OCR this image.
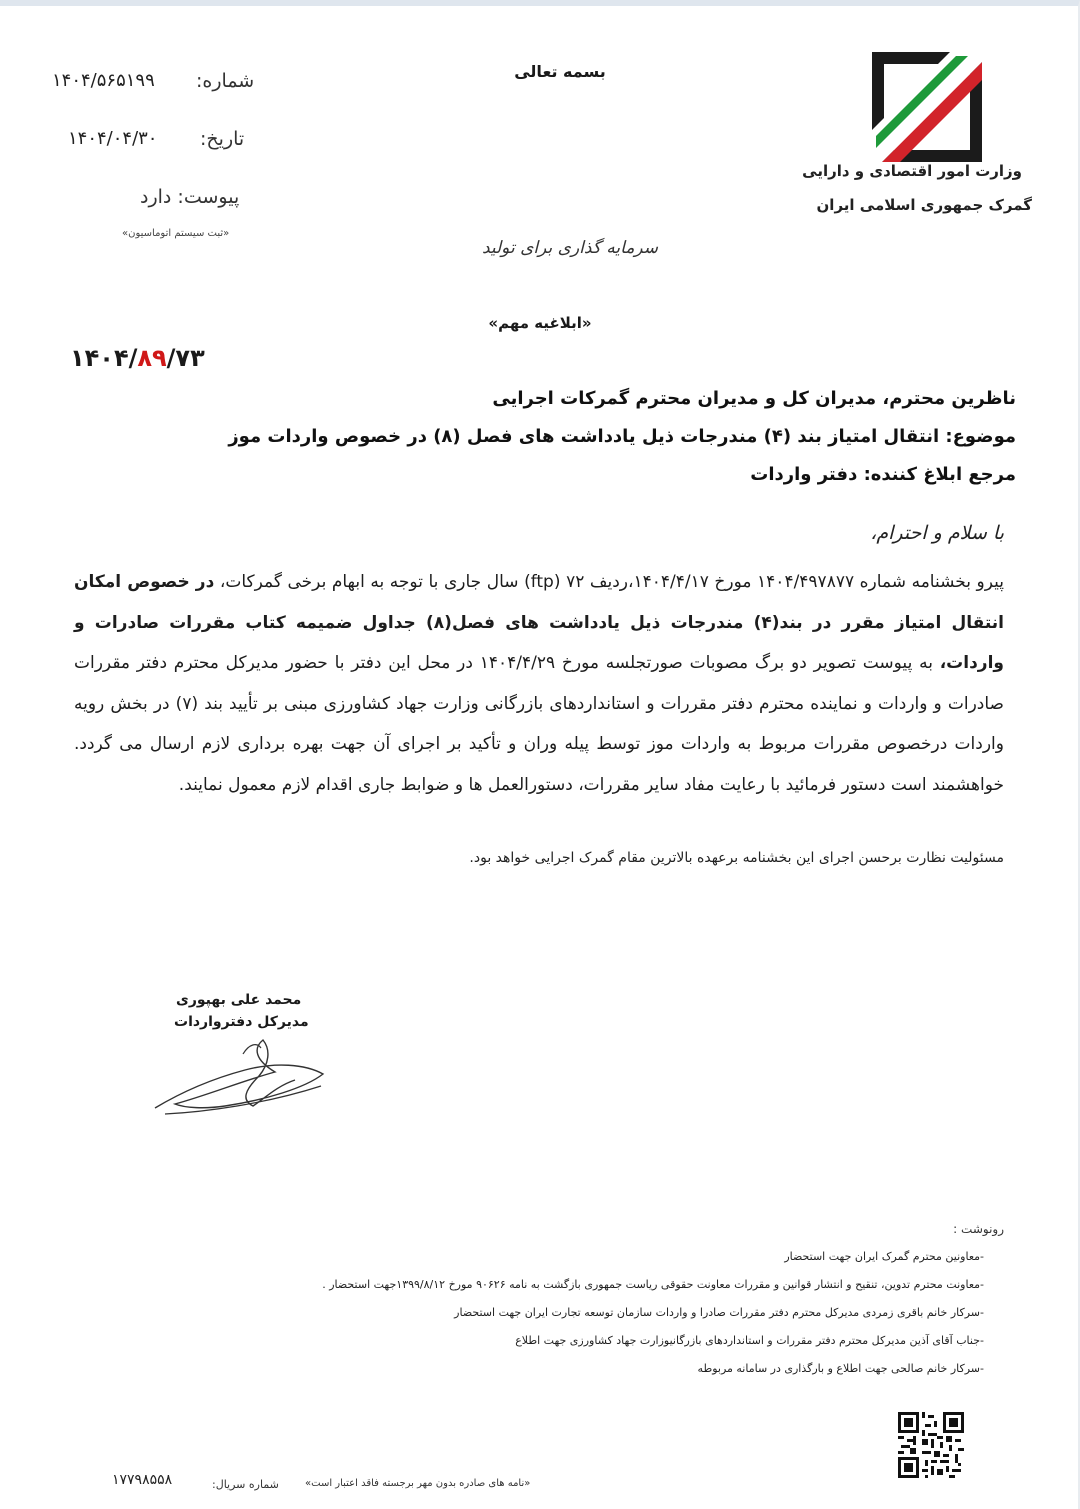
وزارت امور اقتصادی و دارایی
گمرک جمهوری اسلامی ایران
بسمه تعالی
سرمایه گذاری برای تولید
شماره:
۱۴۰۴/۵۶۵۱۹۹
تاریخ:
۱۴۰۴/۰۴/۳۰
پیوست: دارد
«ثبت سیستم اتوماسیون»
«ابلاغیه مهم»
۱۴۰۴/۸۹/۷۳
ناظرین محترم، مدیران کل و مدیران محترم گمرکات اجرایی
موضوع: انتقال امتیاز بند (۴) مندرجات ذیل یادداشت های فصل (۸) در خصوص واردات موز
مرجع ابلاغ کننده: دفتر واردات
با سلام و احترام،
پیرو بخشنامه شماره ۱۴۰۴/۴۹۷۸۷۷ مورخ ۱۴۰۴/۴/۱۷،ردیف ۷۲ (ftp) سال جاری با توجه به ابهام برخی گمرکات، در خصوص امکان انتقال امتیاز مقرر در بند(۴) مندرجات ذیل یادداشت های فصل(۸) جداول ضمیمه کتاب مقررات صادرات و واردات، به پیوست تصویر دو برگ مصوبات صورتجلسه مورخ ۱۴۰۴/۴/۲۹ در محل این دفتر با حضور مدیرکل محترم دفتر مقررات صادرات و واردات و نماینده محترم دفتر مقررات و استانداردهای بازرگانی وزارت جهاد کشاورزی مبنی بر تأیید بند (۷) در بخش رویه واردات درخصوص مقررات مربوط به واردات موز توسط پیله وران و تأکید بر اجرای آن جهت بهره برداری لازم ارسال می گردد. خواهشمند است دستور فرمائید با رعایت مفاد سایر مقررات، دستورالعمل ها و ضوابط جاری اقدام لازم معمول نمایند.
مسئولیت نظارت برحسن اجرای این بخشنامه برعهده بالاترین مقام گمرک اجرایی خواهد بود.
محمد علی بهپوری
مدیرکل دفترواردات
رونوشت :
-معاونین محترم گمرک ایران جهت استحضار
-معاونت محترم تدوین، تنقیح و انتشار قوانین و مقررات معاونت حقوقی ریاست جمهوری بازگشت به نامه ۹۰۶۲۶ مورخ ۱۳۹۹/۸/۱۲جهت استحضار .
-سرکار خانم باقری زمردی مدیرکل محترم دفتر مقررات صادرا و واردات سازمان توسعه تجارت ایران جهت استحضار
-جناب آقای آذین مدیرکل محترم دفتر مقررات و استانداردهای بازرگانیوزارت جهاد کشاورزی جهت اطلاع
-سرکار خانم صالحی جهت اطلاع و بارگذاری در سامانه مربوطه
«نامه های صادره بدون مهر برجسته فاقد اعتبار است»
شماره سریال:
۱۷۷۹۸۵۵۸
